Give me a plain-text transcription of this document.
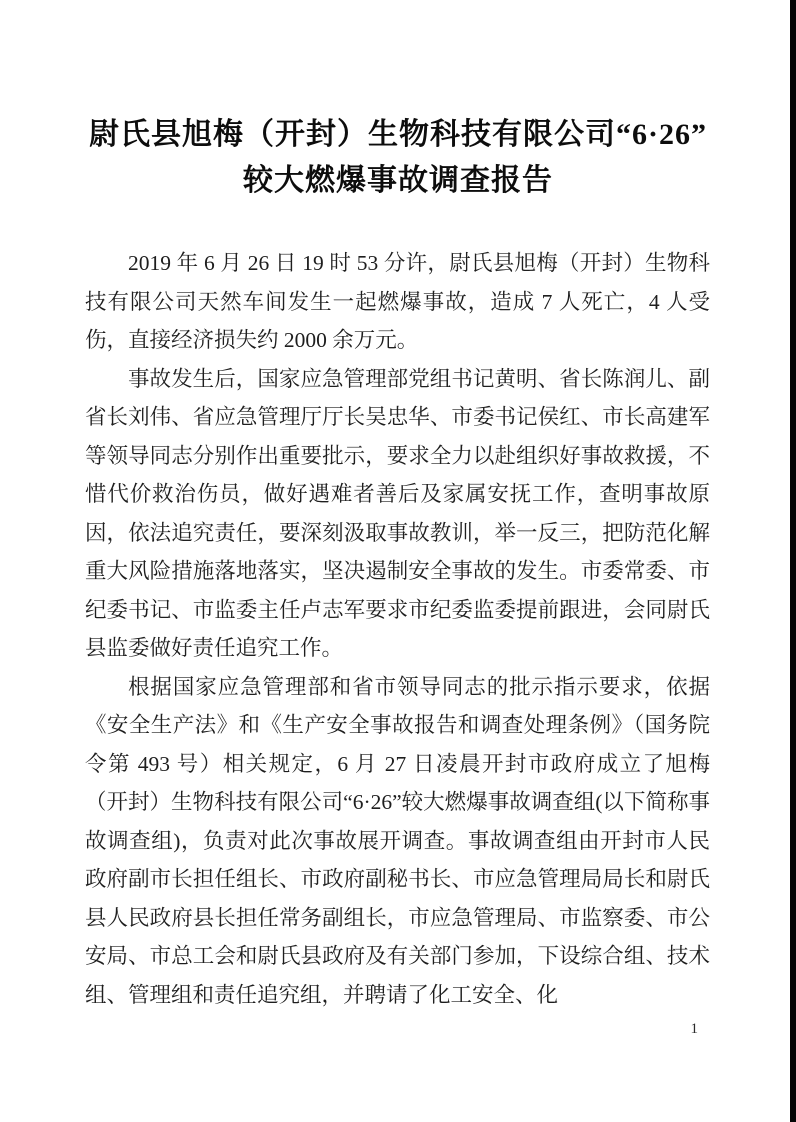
尉氏县旭梅（开封）生物科技有限公司“6·26”
较大燃爆事故调查报告

2019 年 6 月 26 日 19 时 53 分许，尉氏县旭梅（开封）生物科技有限公司天然车间发生一起燃爆事故，造成 7 人死亡，4 人受伤，直接经济损失约 2000 余万元。

事故发生后，国家应急管理部党组书记黄明、省长陈润儿、副省长刘伟、省应急管理厅厅长吴忠华、市委书记侯红、市长高建军等领导同志分别作出重要批示，要求全力以赴组织好事故救援，不惜代价救治伤员，做好遇难者善后及家属安抚工作，查明事故原因，依法追究责任，要深刻汲取事故教训，举一反三，把防范化解重大风险措施落地落实，坚决遏制安全事故的发生。市委常委、市纪委书记、市监委主任卢志军要求市纪委监委提前跟进，会同尉氏县监委做好责任追究工作。

根据国家应急管理部和省市领导同志的批示指示要求，依据《安全生产法》和《生产安全事故报告和调查处理条例》（国务院令第 493 号）相关规定，6 月 27 日凌晨开封市政府成立了旭梅（开封）生物科技有限公司“6·26”较大燃爆事故调查组(以下简称事故调查组)，负责对此次事故展开调查。事故调查组由开封市人民政府副市长担任组长、市政府副秘书长、市应急管理局局长和尉氏县人民政府县长担任常务副组长，市应急管理局、市监察委、市公安局、市总工会和尉氏县政府及有关部门参加，下设综合组、技术组、管理组和责任追究组，并聘请了化工安全、化

1
